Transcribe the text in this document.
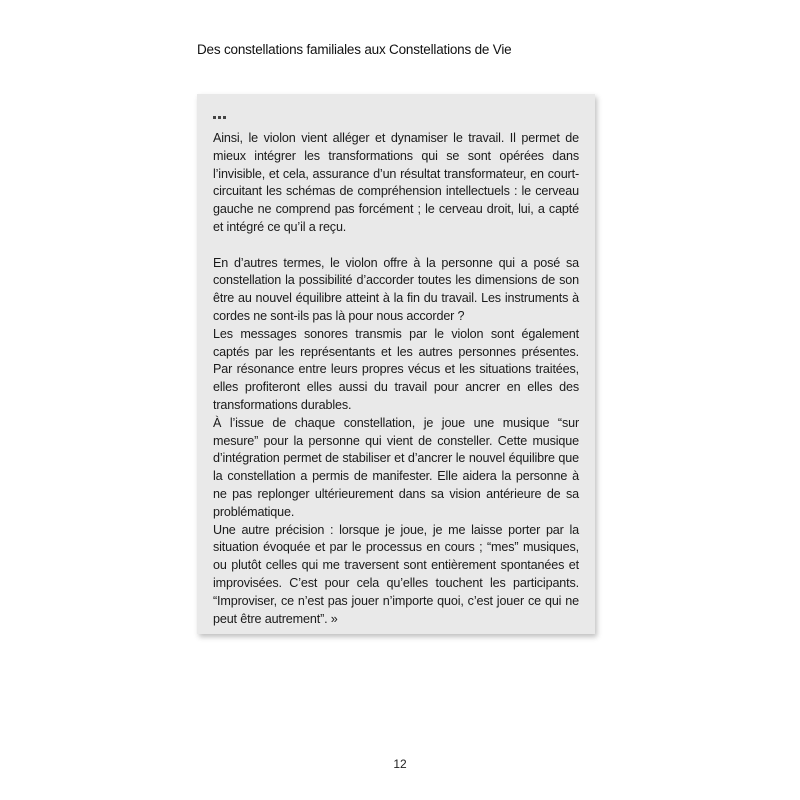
Des constellations familiales aux Constellations de Vie

Ainsi, le violon vient alléger et dynamiser le travail. Il permet de mieux intégrer les transformations qui se sont opérées dans l’invisible, et cela, assurance d’un résultat transformateur, en court-circuitant les schémas de compréhension intellectuels : le cerveau gauche ne comprend pas forcément ; le cerveau droit, lui, a capté et intégré ce qu’il a reçu.

En d’autres termes, le violon offre à la personne qui a posé sa constellation la possibilité d’accorder toutes les dimensions de son être au nouvel équilibre atteint à la fin du travail. Les instruments à cordes ne sont-ils pas là pour nous accorder ?

Les messages sonores transmis par le violon sont également captés par les représentants et les autres personnes présentes. Par résonance entre leurs propres vécus et les situations traitées, elles profiteront elles aussi du travail pour ancrer en elles des transformations durables.

À l’issue de chaque constellation, je joue une musique “sur mesure” pour la personne qui vient de consteller. Cette musique d’intégration permet de stabiliser et d’ancrer le nouvel équilibre que la constellation a permis de manifester. Elle aidera la personne à ne pas replonger ultérieurement dans sa vision antérieure de sa problématique.

Une autre précision : lorsque je joue, je me laisse porter par la situation évoquée et par le processus en cours ; “mes” musiques, ou plutôt celles qui me traversent sont entièrement spontanées et improvisées. C’est pour cela qu’elles touchent les participants. “Improviser, ce n’est pas jouer n’importe quoi, c’est jouer ce qui ne peut être autrement”. »

12
